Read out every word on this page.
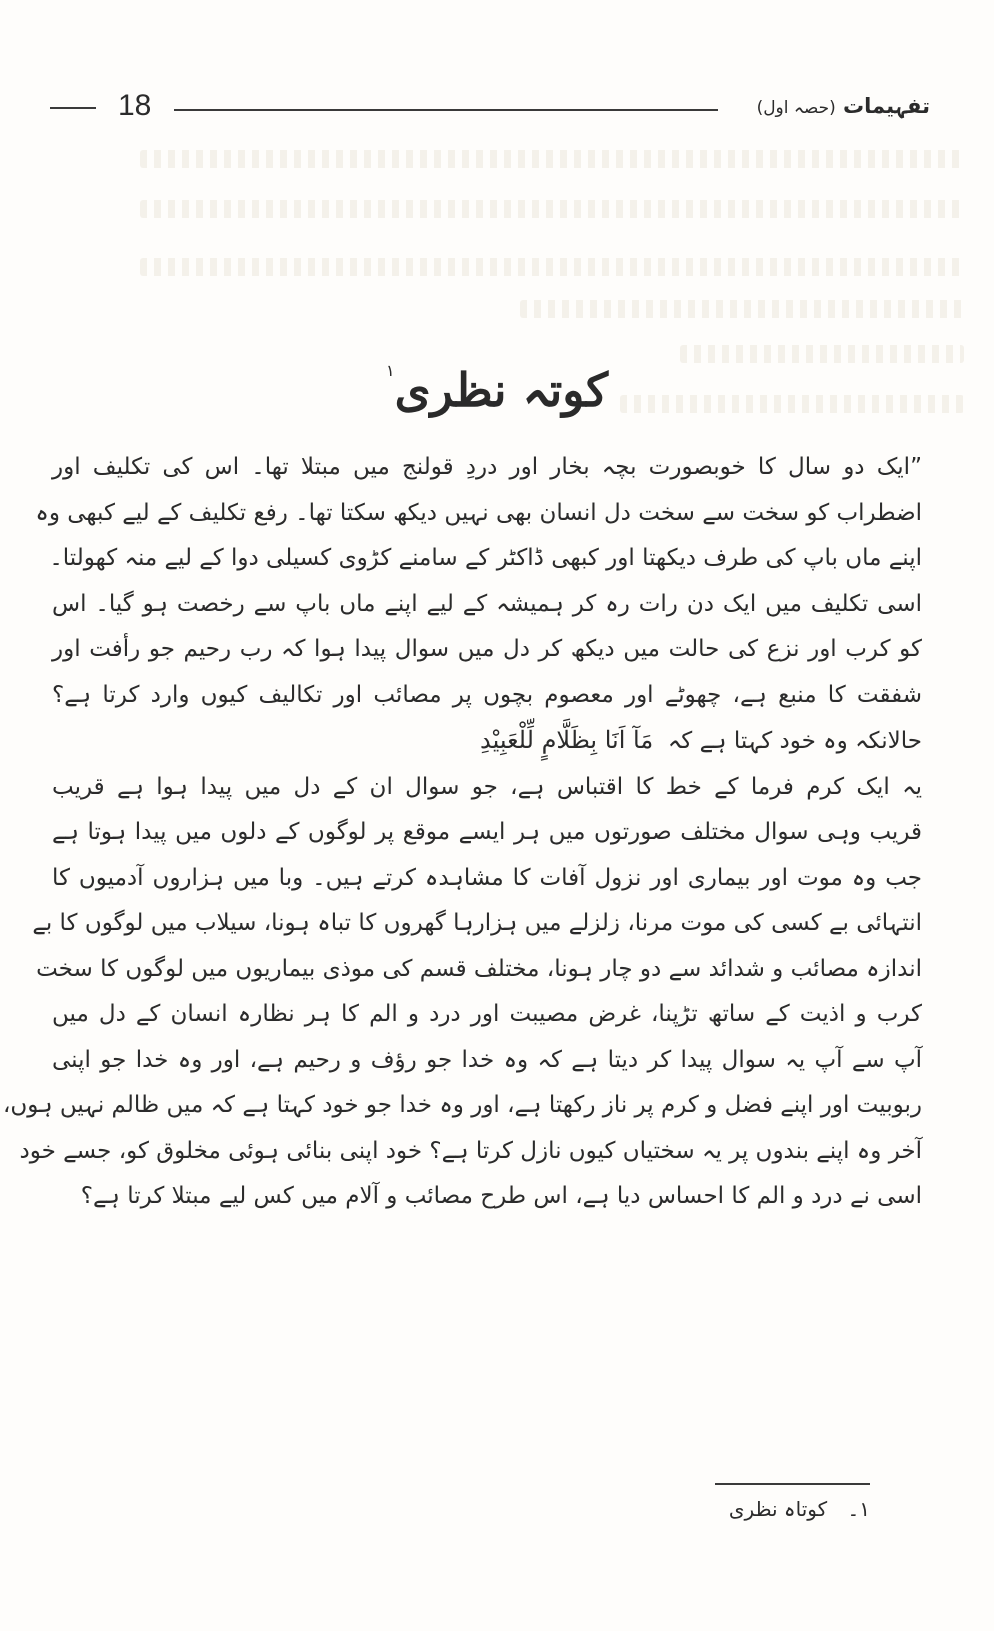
18	تفہیمات (حصہ اول)
کوتہ نظری$^۱$

”ایک دو سال کا خوبصورت بچہ بخار اور دردِ قولنج میں مبتلا تھا۔ اس کی تکلیف اور
اضطراب کو سخت سے سخت دل انسان بھی نہیں دیکھ سکتا تھا۔ رفع تکلیف کے لیے کبھی وہ
اپنے ماں باپ کی طرف دیکھتا اور کبھی ڈاکٹر کے سامنے کڑوی کسیلی دوا کے لیے منہ کھولتا۔
اسی تکلیف میں ایک دن رات رہ کر ہمیشہ کے لیے اپنے ماں باپ سے رخصت ہو گیا۔ اس
کو کرب اور نزع کی حالت میں دیکھ کر دل میں سوال پیدا ہوا کہ رب رحیم جو رأفت اور
شفقت کا منبع ہے، چھوٹے اور معصوم بچوں پر مصائب اور تکالیف کیوں وارد کرتا ہے؟
حالانکہ وہ خود کہتا ہے کہ  مَآ اَنَا بِظَلَّامٍ لِّلْعَبِيْدِ

یہ ایک کرم فرما کے خط کا اقتباس ہے، جو سوال ان کے دل میں پیدا ہوا ہے قریب
قریب وہی سوال مختلف صورتوں میں ہر ایسے موقع پر لوگوں کے دلوں میں پیدا ہوتا ہے
جب وہ موت اور بیماری اور نزول آفات کا مشاہدہ کرتے ہیں۔ وبا میں ہزاروں آدمیوں کا
انتہائی بے کسی کی موت مرنا، زلزلے میں ہزارہا گھروں کا تباہ ہونا، سیلاب میں لوگوں کا بے
اندازہ مصائب و شدائد سے دو چار ہونا، مختلف قسم کی موذی بیماریوں میں لوگوں کا سخت
کرب و اذیت کے ساتھ تڑپنا، غرض مصیبت اور درد و الم کا ہر نظارہ انسان کے دل میں
آپ سے آپ یہ سوال پیدا کر دیتا ہے کہ وہ خدا جو رؤف و رحیم ہے، اور وہ خدا جو اپنی
ربوبیت اور اپنے فضل و کرم پر ناز رکھتا ہے، اور وہ خدا جو خود کہتا ہے کہ میں ظالم نہیں ہوں،
آخر وہ اپنے بندوں پر یہ سختیاں کیوں نازل کرتا ہے؟ خود اپنی بنائی ہوئی مخلوق کو، جسے خود
اسی نے درد و الم کا احساس دیا ہے، اس طرح مصائب و آلام میں کس لیے مبتلا کرتا ہے؟

۱۔ کوتاہ نظری
